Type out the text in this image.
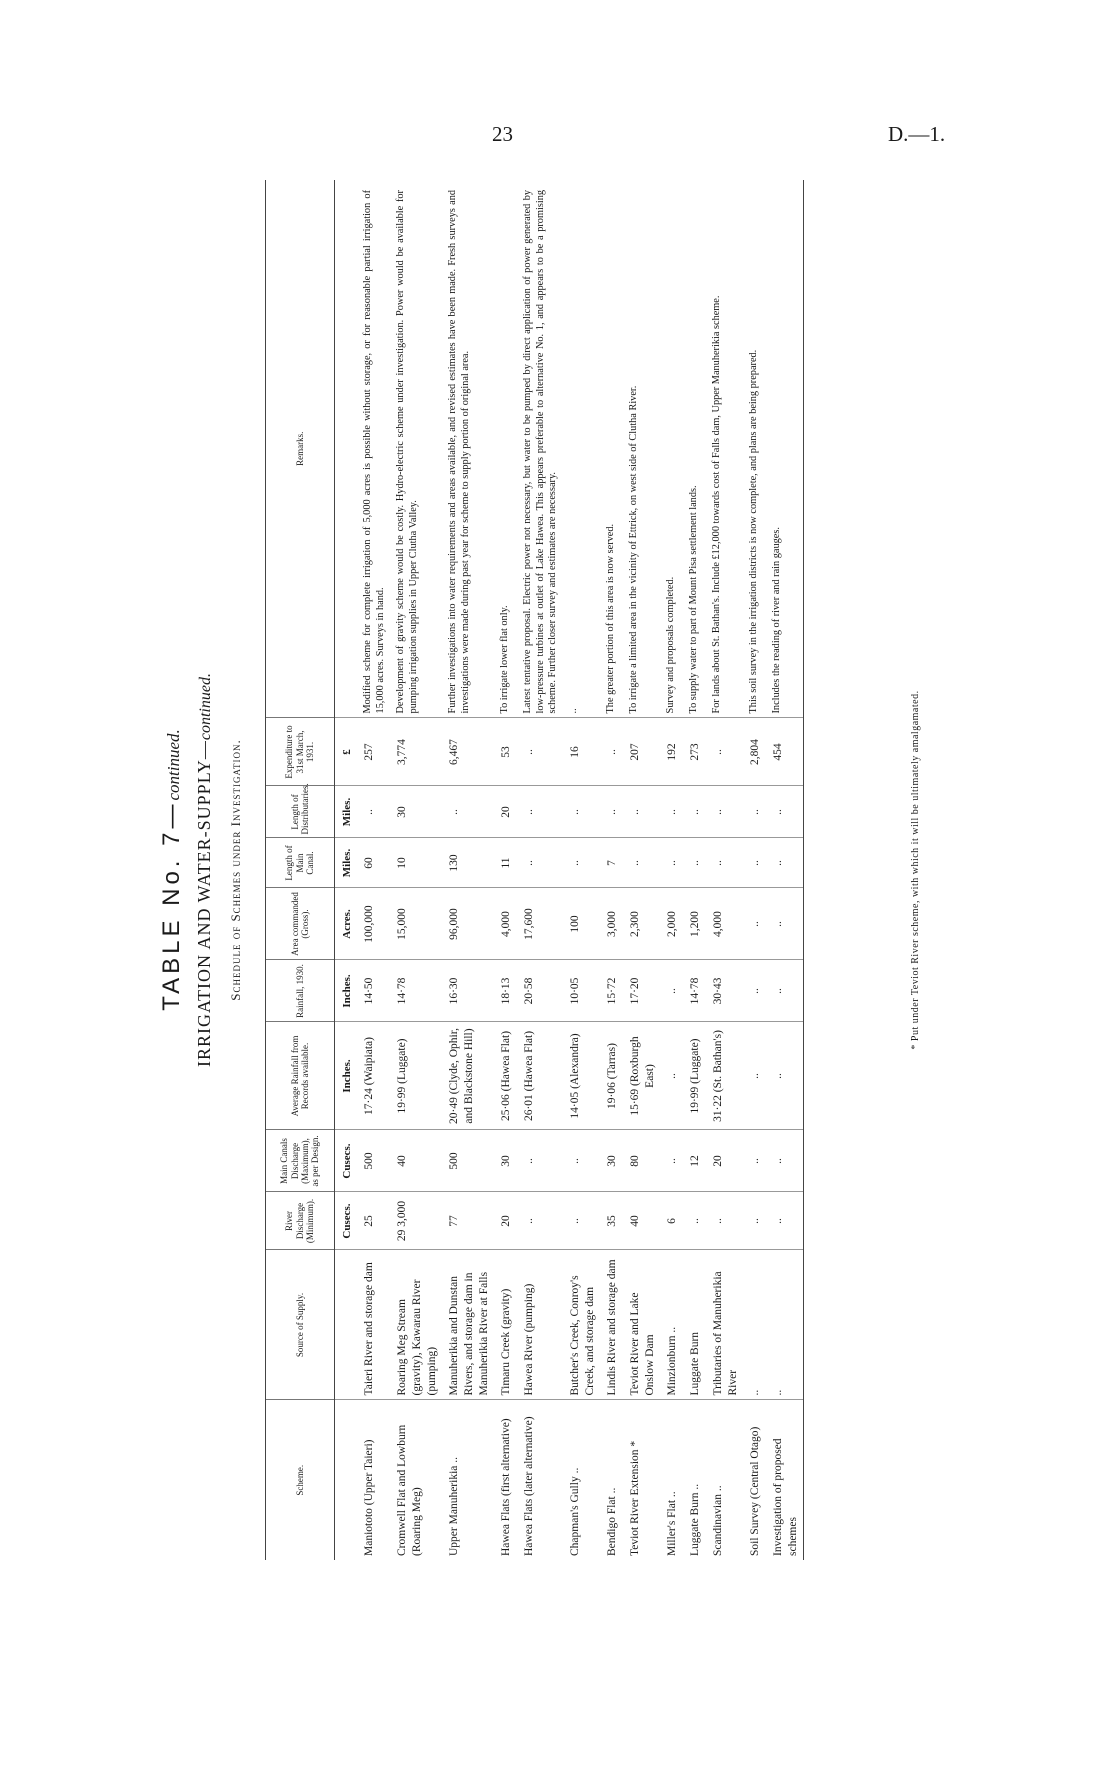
23	D.—1.
TABLE No. 7—continued. IRRIGATION AND WATER-SUPPLY—continued.
Schedule of Schemes under Investigation.
Scheme.	Source of Supply.	River Discharge (Minimum).	Main Canals Discharge (Maximum), as per Design.	Average Rainfall from Records available.	Rainfall, 1930.	Area commanded (Gross).	Length of Main Canal.	Length of Distributaries.	Expenditure to 31st March, 1931.	Remarks.
		Cusecs.	Cusecs.	Inches.	Inches.	Acres.	Miles.	Miles.	£	
Maniototo (Upper Taieri)	Taieri River and storage dam	25	500	17·24 (Waipiata)	14·50	100,000	60	..	257	Modified scheme for complete irrigation of 5,000 acres is possible without storage, or for reasonable partial irrigation of 15,000 acres. Surveys in hand.
Cromwell Flat and Lowburn (Roaring Meg)	Roaring Meg Stream (gravity), Kawarau River (pumping)	29 3,000	40	19·99 (Luggate)	14·78	15,000	10	30	3,774	Development of gravity scheme would be costly. Hydro-electric scheme under investigation. Power would be available for pumping irrigation supplies in Upper Clutha Valley.
Upper Manuherikia ..	Manuherikia and Dunstan Rivers, and storage dam in Manuherikia River at Falls	77	500	20·49 (Clyde, Ophir, and Blackstone Hill)	16·30	96,000	130	..	6,467	Further investigations into water requirements and areas available, and revised estimates have been made. Fresh surveys and investigations were made during past year for scheme to supply portion of original area.
Hawea Flats (first alternative)	Timaru Creek (gravity)	20	30	25·06 (Hawea Flat)	18·13	4,000	11	20	53	To irrigate lower flat only.
Hawea Flats (later alternative)	Hawea River (pumping)	..	..	26·01 (Hawea Flat)	20·58	17,600	..	..	..	Latest tentative proposal. Electric power not necessary, but water to be pumped by direct application of power generated by low-pressure turbines at outlet of Lake Hawea. This appears preferable to alternative No. 1, and appears to be a promising scheme. Further closer survey and estimates are necessary.
Chapman's Gully ..	Butcher's Creek, Conroy's Creek, and storage dam	..	..	14·05 (Alexandra)	10·05	100	..	..	16	..
Bendigo Flat ..	Lindis River and storage dam	35	30	19·06 (Tarras)	15·72	3,000	7	..	..	The greater portion of this area is now served.
Teviot River Extension *	Teviot River and Lake Onslow Dam	40	80	15·69 (Roxburgh East)	17·20	2,300	..	..	207	To irrigate a limited area in the vicinity of Ettrick, on west side of Clutha River.
Miller's Flat ..	Minzionburn ..	6	..	..	..	2,000	..	..	192	Survey and proposals completed.
Luggate Burn ..	Luggate Burn	..	12	19·99 (Luggate)	14·78	1,200	..	..	273	To supply water to part of Mount Pisa settlement lands.
Scandinavian ..	Tributaries of Manuherikia River	..	20	31·22 (St. Bathan's)	30·43	4,000	..	..	..	For lands about St. Bathan's. Include £12,000 towards cost of Falls dam, Upper Manuherikia scheme.
Soil Survey (Central Otago)	..	..	..	..	..	..	..	..	2,804	This soil survey in the irrigation districts is now complete, and plans are being prepared.
Investigation of proposed schemes	..	..	..	..	..	..	..	..	454	Includes the reading of river and rain gauges.
* Put under Teviot River scheme, with which it will be ultimately amalgamated.
